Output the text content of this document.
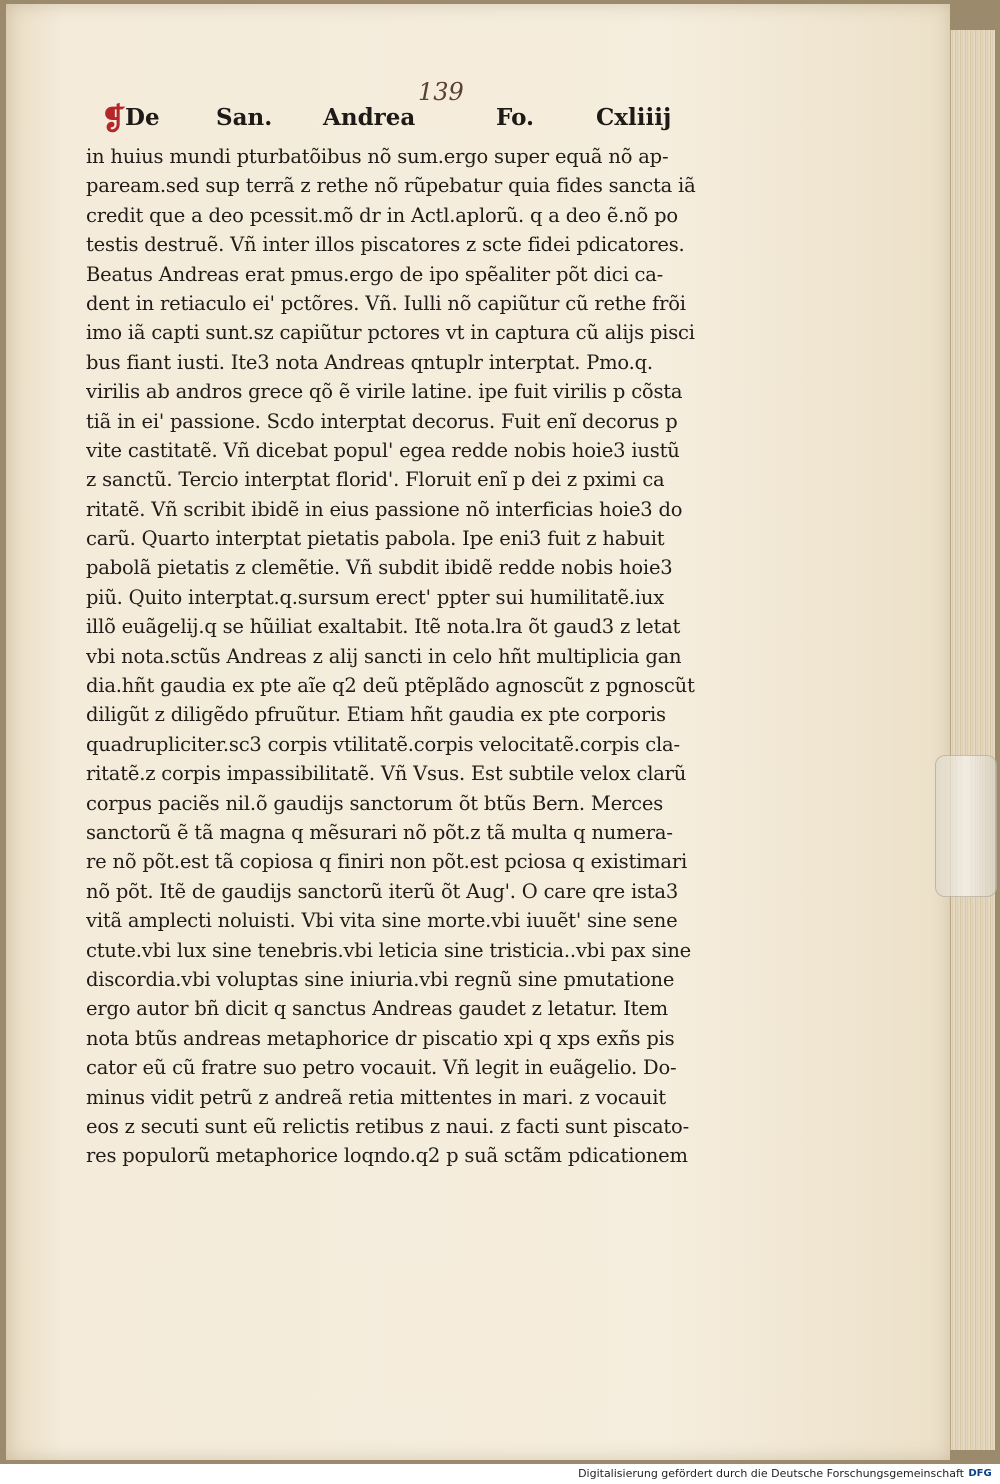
139
❡
De San. Andrea	Fo.	Cxliiij
in huius mundi pturbatõibus nõ sum.ergo super equã nõ ap-
paream.sed sup terrã z rethe nõ rũpebatur quia fides sancta iã
credit que a deo pcessit.mõ dr in Actl.aplorũ. q a deo ẽ.nõ po
testis destruẽ. Vñ inter illos piscatores z scte fidei pdicatores.
Beatus Andreas erat pmus.ergo de ipo spẽaliter põt dici ca-
dent in retiaculo ei' pctõres. Vñ. Iulli nõ capiũtur cũ rethe frõi
imo iã capti sunt.sz capiũtur pctores vt in captura cũ alijs pisci
bus fiant iusti. Ite3 nota Andreas qntuplr interptat. Pmo.q.
virilis ab andros grece qõ ẽ virile latine. ipe fuit virilis p cõsta
tiã in ei' passione. Scdo interptat decorus. Fuit enĩ decorus p
vite castitatẽ. Vñ dicebat popul' egea redde nobis hoie3 iustũ
z sanctũ. Tercio interptat florid'. Floruit enĩ p dei z pximi ca
ritatẽ. Vñ scribit ibidẽ in eius passione nõ interficias hoie3 do
carũ. Quarto interptat pietatis pabola. Ipe eni3 fuit z habuit
pabolã pietatis z clemẽtie. Vñ subdit ibidẽ redde nobis hoie3
piũ. Quito interptat.q.sursum erect' ppter sui humilitatẽ.iux
illõ euãgelij.q se hũiliat exaltabit. Itẽ nota.lra õt gaud3 z letat
vbi nota.sctũs Andreas z alij sancti in celo hñt multiplicia gan
dia.hñt gaudia ex pte aĩe q2 deũ ptẽplãdo agnoscũt z pgnoscũt
diligũt z diligẽdo pfruũtur. Etiam hñt gaudia ex pte corporis
quadrupliciter.sc3 corpis vtilitatẽ.corpis velocitatẽ.corpis cla-
ritatẽ.z corpis impassibilitatẽ. Vñ Vsus. Est subtile velox clarũ
corpus paciẽs nil.õ gaudijs sanctorum õt btũs Bern. Merces
sanctorũ ẽ tã magna q mẽsurari nõ põt.z tã multa q numera-
re nõ põt.est tã copiosa q finiri non põt.est pciosa q existimari
nõ põt. Itẽ de gaudijs sanctorũ iterũ õt Aug'. O care qre ista3
vitã amplecti noluisti. Vbi vita sine morte.vbi iuuẽt' sine sene
ctute.vbi lux sine tenebris.vbi leticia sine tristicia..vbi pax sine
discordia.vbi voluptas sine iniuria.vbi regnũ sine pmutatione
ergo autor bñ dicit q sanctus Andreas gaudet z letatur. Item
nota btũs andreas metaphorice dr piscatio xpi q xps exñs pis
cator eũ cũ fratre suo petro vocauit. Vñ legit in euãgelio. Do-
minus vidit petrũ z andreã retia mittentes in mari. z vocauit
eos z secuti sunt eũ relictis retibus z naui. z facti sunt piscato-
res populorũ metaphorice loqndo.q2 p suã sctãm pdicationem
Digitalisierung gefördert durch die Deutsche Forschungsgemeinschaft DFG
